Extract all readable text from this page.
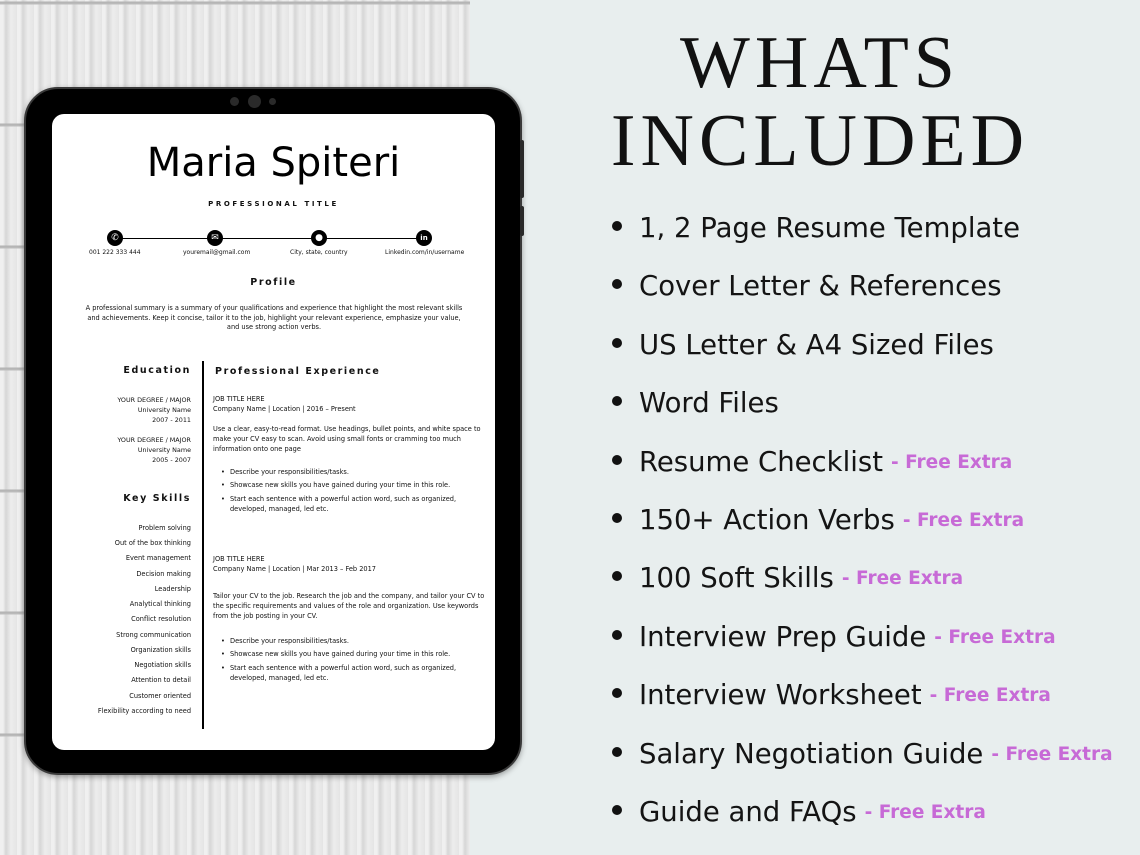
Maria Spiteri
PROFESSIONAL TITLE
✆	✉	●	in
001 222 333 444	youremail@gmail.com	City, state, country	Linkedin.com/in/username
Profile
A professional summary is a summary of your qualifications and experience that highlight the most relevant skills and achievements. Keep it concise, tailor it to the job, highlight your relevant experience, emphasize your value, and use strong action verbs.
Education
YOUR DEGREE / MAJOR
University Name
2007 - 2011
YOUR DEGREE / MAJOR
University Name
2005 - 2007
Key Skills
Problem solving
Out of the box thinking
Event management
Decision making
Leadership
Analytical thinking
Conflict resolution
Strong communication
Organization skills
Negotiation skills
Attention to detail
Customer oriented
Flexibility according to need
Professional Experience
JOB TITLE HERE
Company Name | Location | 2016 – Present
Use a clear, easy-to-read format. Use headings, bullet points, and white space to make your CV easy to scan. Avoid using small fonts or cramming too much information onto one page
• Describe your responsibilities/tasks.
• Showcase new skills you have gained during your time in this role.
• Start each sentence with a powerful action word, such as organized, developed, managed, led etc.
JOB TITLE HERE
Company Name | Location | Mar 2013 – Feb 2017
Tailor your CV to the job. Research the job and the company, and tailor your CV to the specific requirements and values of the role and organization. Use keywords from the job posting in your CV.
• Describe your responsibilities/tasks.
• Showcase new skills you have gained during your time in this role.
• Start each sentence with a powerful action word, such as organized, developed, managed, led etc.
WHATS
INCLUDED
1, 2 Page Resume Template
Cover Letter & References
US Letter & A4 Sized Files
Word Files
Resume Checklist - Free Extra
150+ Action Verbs - Free Extra
100 Soft Skills - Free Extra
Interview Prep Guide - Free Extra
Interview Worksheet - Free Extra
Salary Negotiation Guide - Free Extra
Guide and FAQs - Free Extra
